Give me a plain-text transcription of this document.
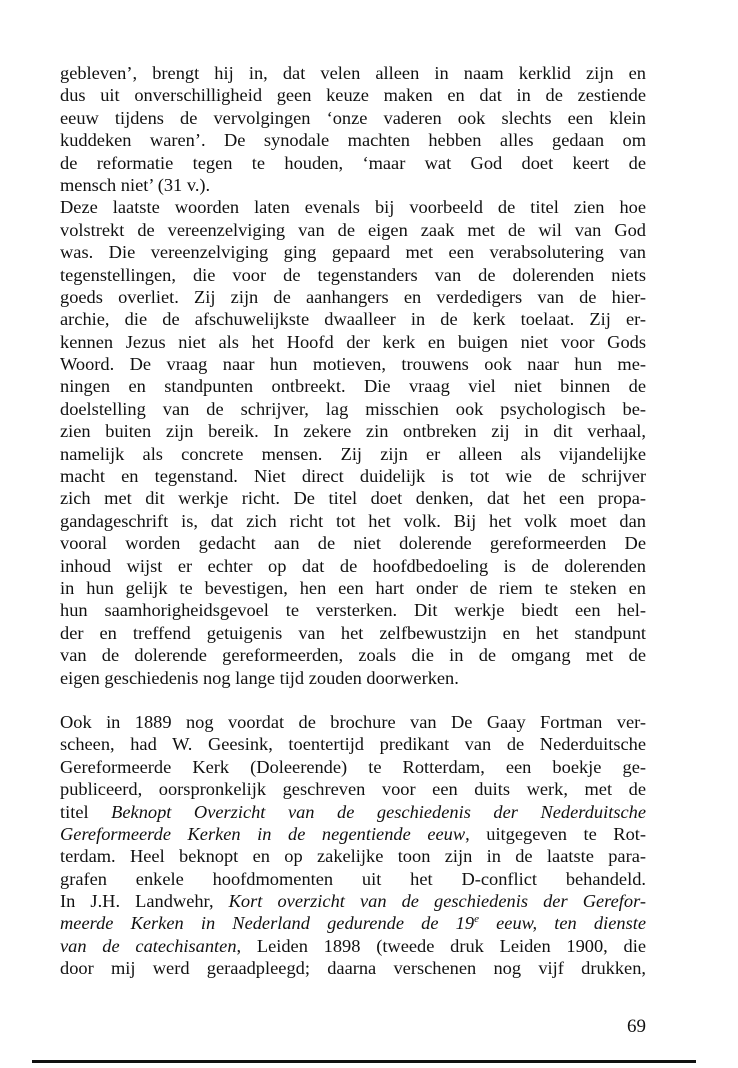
gebleven’, brengt hij in, dat velen alleen in naam kerklid zijn en
dus uit onverschilligheid geen keuze maken en dat in de zestiende
eeuw tijdens de vervolgingen ‘onze vaderen ook slechts een klein
kuddeken waren’. De synodale machten hebben alles gedaan om
de reformatie tegen te houden, ‘maar wat God doet keert de
mensch niet’ (31 v.).
Deze laatste woorden laten evenals bij voorbeeld de titel zien hoe
volstrekt de vereenzelviging van de eigen zaak met de wil van God
was. Die vereenzelviging ging gepaard met een verabsolutering van
tegenstellingen, die voor de tegenstanders van de dolerenden niets
goeds overliet. Zij zijn de aanhangers en verdedigers van de hier-
archie, die de afschuwelijkste dwaalleer in de kerk toelaat. Zij er-
kennen Jezus niet als het Hoofd der kerk en buigen niet voor Gods
Woord. De vraag naar hun motieven, trouwens ook naar hun me-
ningen en standpunten ontbreekt. Die vraag viel niet binnen de
doelstelling van de schrijver, lag misschien ook psychologisch be-
zien buiten zijn bereik. In zekere zin ontbreken zij in dit verhaal,
namelijk als concrete mensen. Zij zijn er alleen als vijandelijke
macht en tegenstand. Niet direct duidelijk is tot wie de schrijver
zich met dit werkje richt. De titel doet denken, dat het een propa-
gandageschrift is, dat zich richt tot het volk. Bij het volk moet dan
vooral worden gedacht aan de niet dolerende gereformeerden De
inhoud wijst er echter op dat de hoofdbedoeling is de dolerenden
in hun gelijk te bevestigen, hen een hart onder de riem te steken en
hun saamhorigheidsgevoel te versterken. Dit werkje biedt een hel-
der en treffend getuigenis van het zelfbewustzijn en het standpunt
van de dolerende gereformeerden, zoals die in de omgang met de
eigen geschiedenis nog lange tijd zouden doorwerken.
Ook in 1889 nog voordat de brochure van De Gaay Fortman ver-
scheen, had W. Geesink, toentertijd predikant van de Nederduitsche
Gereformeerde Kerk (Doleerende) te Rotterdam, een boekje ge-
publiceerd, oorspronkelijk geschreven voor een duits werk, met de
titel Beknopt Overzicht van de geschiedenis der Nederduitsche
Gereformeerde Kerken in de negentiende eeuw, uitgegeven te Rot-
terdam. Heel beknopt en op zakelijke toon zijn in de laatste para-
grafen enkele hoofdmomenten uit het D-conflict behandeld.
In J.H. Landwehr, Kort overzicht van de geschiedenis der Gerefor-
meerde Kerken in Nederland gedurende de 19e eeuw, ten dienste
van de catechisanten, Leiden 1898 (tweede druk Leiden 1900, die
door mij werd geraadpleegd; daarna verschenen nog vijf drukken,
69
